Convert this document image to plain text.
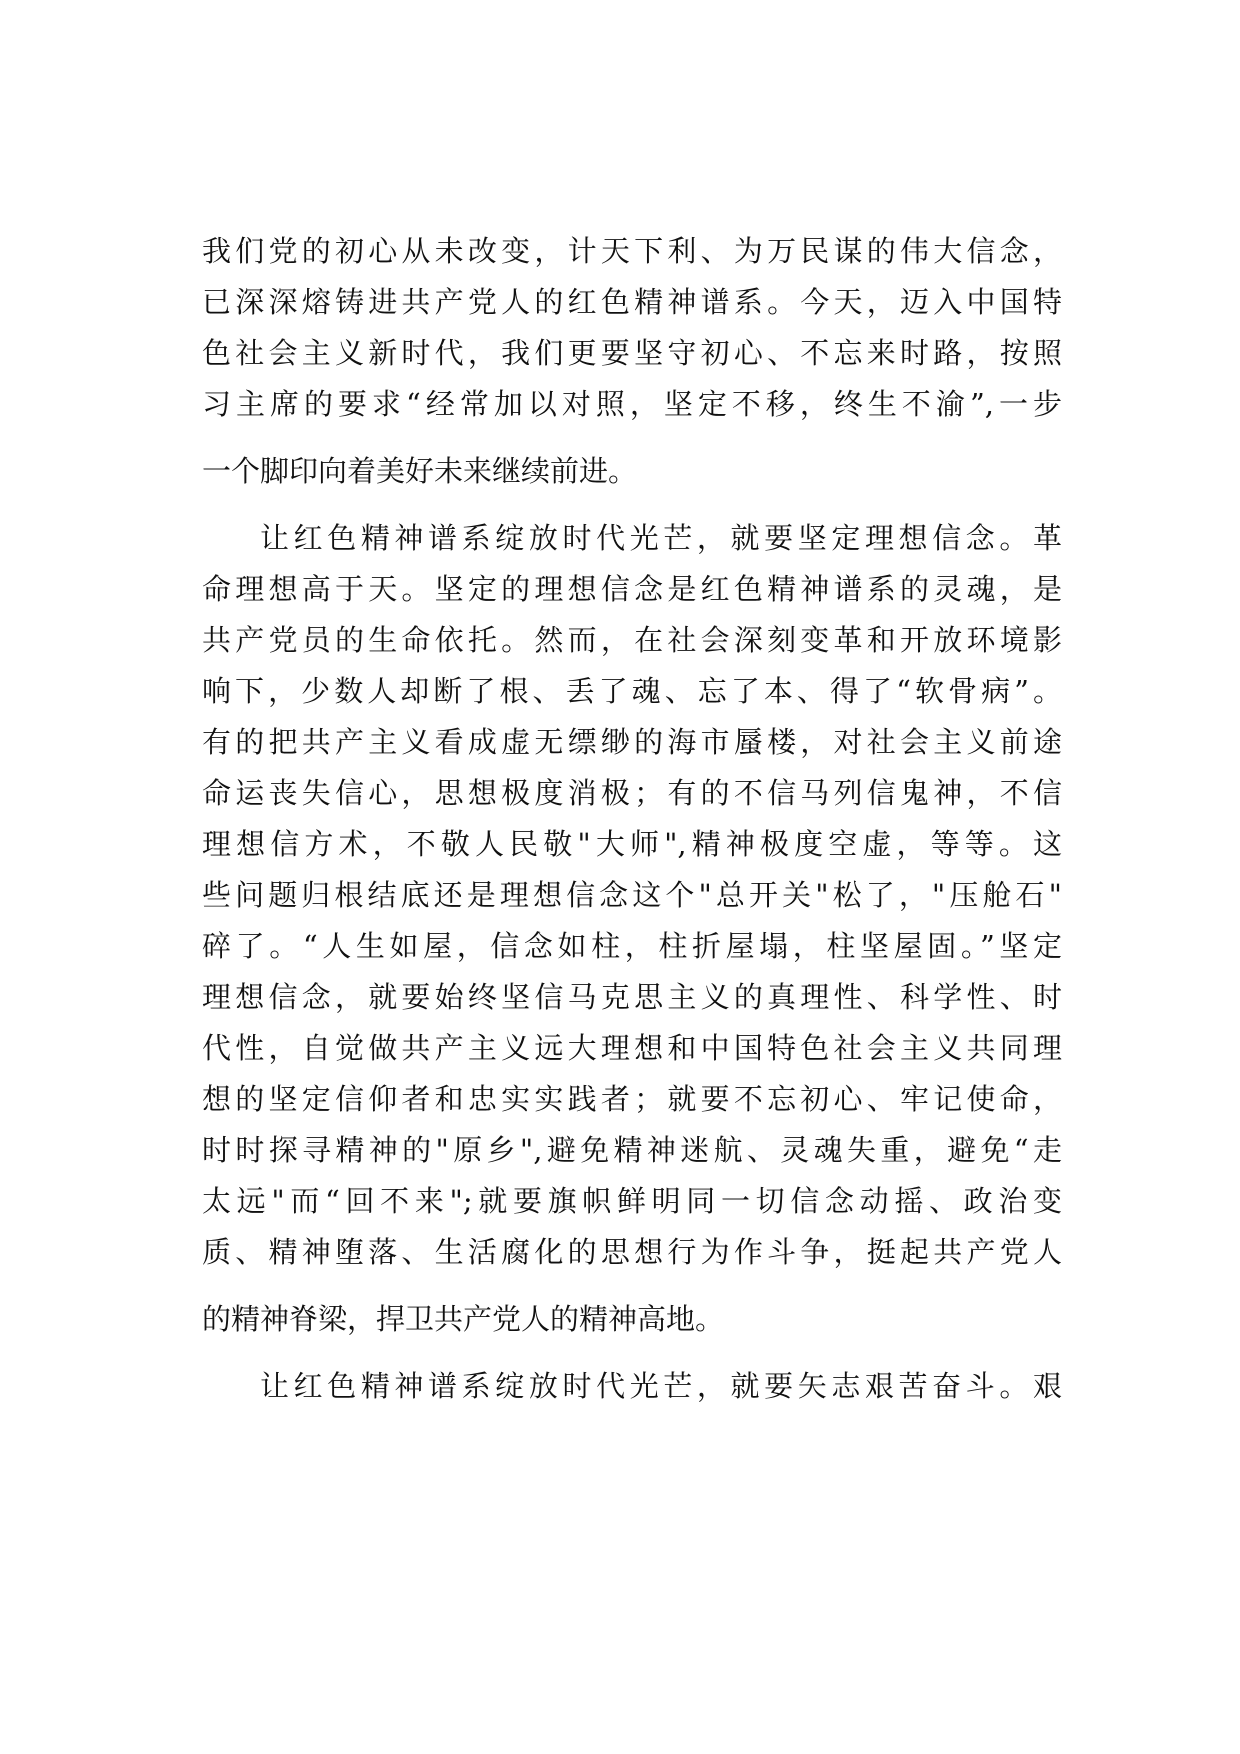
我们党的初心从未改变，计天下利、为万民谋的伟大信念，
已深深熔铸进共产党人的红色精神谱系。今天，迈入中国特
色社会主义新时代，我们更要坚守初心、不忘来时路，按照
习主席的要求“经常加以对照，坚定不移，终生不渝”,一步
一个脚印向着美好未来继续前进。
让红色精神谱系绽放时代光芒，就要坚定理想信念。革
命理想高于天。坚定的理想信念是红色精神谱系的灵魂，是
共产党员的生命依托。然而，在社会深刻变革和开放环境影
响下，少数人却断了根、丢了魂、忘了本、得了“软骨病”。
有的把共产主义看成虚无缥缈的海市蜃楼，对社会主义前途
命运丧失信心，思想极度消极；有的不信马列信鬼神，不信
理想信方术，不敬人民敬"大师",精神极度空虚，等等。这
些问题归根结底还是理想信念这个"总开关"松了，"压舱石"
碎了。“人生如屋，信念如柱，柱折屋塌，柱坚屋固。”坚定
理想信念，就要始终坚信马克思主义的真理性、科学性、时
代性，自觉做共产主义远大理想和中国特色社会主义共同理
想的坚定信仰者和忠实实践者；就要不忘初心、牢记使命，
时时探寻精神的"原乡",避免精神迷航、灵魂失重，避免“走
太远"而“回不来";就要旗帜鲜明同一切信念动摇、政治变
质、精神堕落、生活腐化的思想行为作斗争，挺起共产党人
的精神脊梁，捍卫共产党人的精神高地。
让红色精神谱系绽放时代光芒，就要矢志艰苦奋斗。艰
